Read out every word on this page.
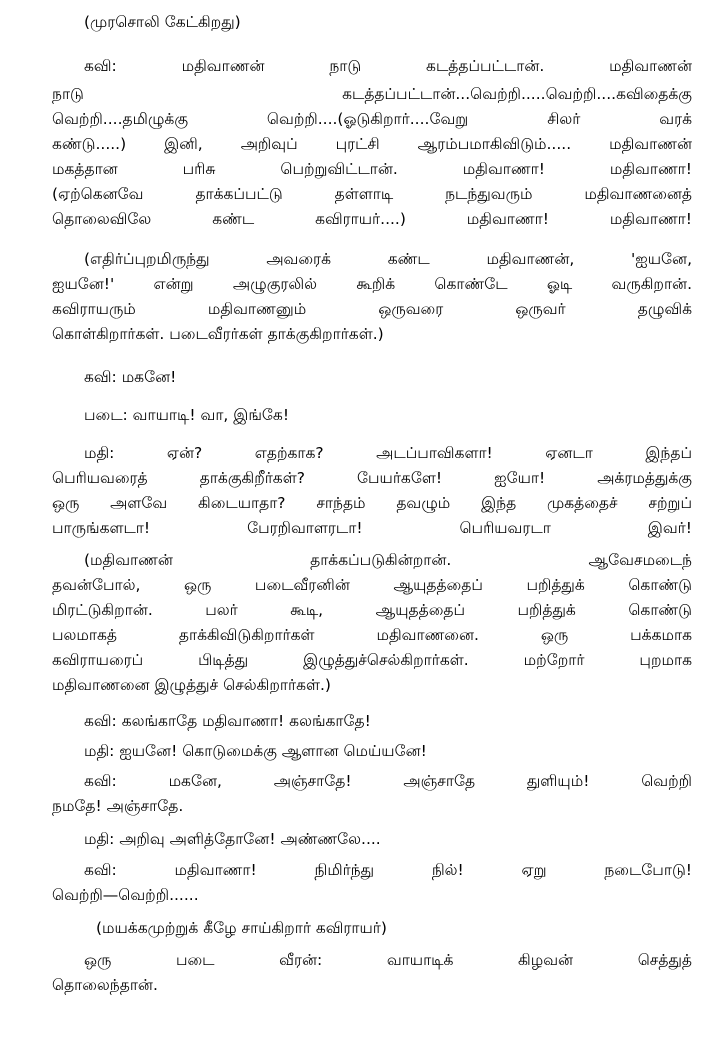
(முரசொலி கேட்கிறது)
கவி: மதிவாணன் நாடு கடத்தப்பட்டான். மதிவாணன்
நாடு கடத்தப்பட்டான்...வெற்றி.....வெற்றி....கவிதைக்கு
வெற்றி....தமிழுக்கு வெற்றி....(ஓடுகிறார்....வேறு சிலர் வரக்
கண்டு.....) இனி, அறிவுப் புரட்சி ஆரம்பமாகிவிடும்..... மதிவாணன்
மகத்தான பரிசு பெற்றுவிட்டான். மதிவாணா! மதிவாணா!
(ஏற்கெனவே தாக்கப்பட்டு தள்ளாடி நடந்துவரும் மதிவாணனைத்
தொலைவிலே கண்ட கவிராயர்....) மதிவாணா! மதிவாணா!
(எதிர்ப்புறமிருந்து அவரைக் கண்ட மதிவாணன், 'ஐயனே,
ஐயனே!' என்று அழுகுரலில் கூறிக் கொண்டே ஓடி வருகிறான்.
கவிராயரும் மதிவாணனும் ஒருவரை ஒருவர் தழுவிக்
கொள்கிறார்கள். படைவீரர்கள் தாக்குகிறார்கள்.)
கவி: மகனே!
படை: வாயாடி! வா, இங்கே!
மதி: ஏன்? எதற்காக? அடப்பாவிகளா! ஏனடா இந்தப்
பெரியவரைத் தாக்குகிறீர்கள்? பேயர்களே! ஐயோ! அக்ரமத்துக்கு
ஒரு அளவே கிடையாதா? சாந்தம் தவழும் இந்த முகத்தைச் சற்றுப்
பாருங்களடா! பேரறிவாளரடா! பெரியவரடா இவர்!
(மதிவாணன் தாக்கப்படுகின்றான். ஆவேசமடைந்
தவன்போல், ஒரு படைவீரனின் ஆயுதத்தைப் பறித்துக் கொண்டு
மிரட்டுகிறான். பலர் கூடி, ஆயுதத்தைப் பறித்துக் கொண்டு
பலமாகத் தாக்கிவிடுகிறார்கள் மதிவாணனை. ஒரு பக்கமாக
கவிராயரைப் பிடித்து இழுத்துச்செல்கிறார்கள். மற்றோர் புறமாக
மதிவாணனை இழுத்துச் செல்கிறார்கள்.)
கவி: கலங்காதே மதிவாணா! கலங்காதே!
மதி: ஐயனே! கொடுமைக்கு ஆளான மெய்யனே!
கவி: மகனே, அஞ்சாதே! அஞ்சாதே துளியும்! வெற்றி
நமதே! அஞ்சாதே.
மதி: அறிவு அளித்தோனே! அண்ணலே....
கவி: மதிவாணா! நிமிர்ந்து நில்! ஏறு நடைபோடு!
வெற்றி—வெற்றி......
(மயக்கமுற்றுக் கீழே சாய்கிறார் கவிராயர்)
ஒரு படை வீரன்: வாயாடிக் கிழவன் செத்துத்
தொலைந்தான்.
